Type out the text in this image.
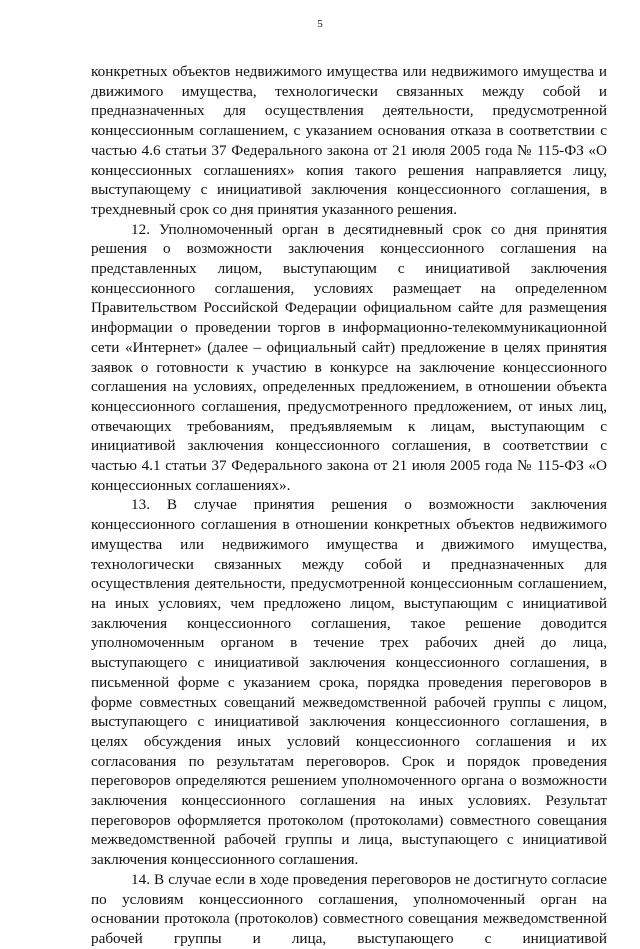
5

конкретных объектов недвижимого имущества или недвижимого имущества и движимого имущества, технологически связанных между собой и предназначенных для осуществления деятельности, предусмотренной концессионным соглашением, с указанием основания отказа в соответствии с частью 4.6 статьи 37 Федерального закона от 21 июля 2005 года № 115-ФЗ «О концессионных соглашениях» копия такого решения направляется лицу, выступающему с инициативой заключения концессионного соглашения, в трехдневный срок со дня принятия указанного решения.

12. Уполномоченный орган в десятидневный срок со дня принятия решения о возможности заключения концессионного соглашения на представленных лицом, выступающим с инициативой заключения концессионного соглашения, условиях размещает на определенном Правительством Российской Федерации официальном сайте для размещения информации о проведении торгов в информационно-телекоммуникационной сети «Интернет» (далее – официальный сайт) предложение в целях принятия заявок о готовности к участию в конкурсе на заключение концессионного соглашения на условиях, определенных предложением, в отношении объекта концессионного соглашения, предусмотренного предложением, от иных лиц, отвечающих требованиям, предъявляемым к лицам, выступающим с инициативой заключения концессионного соглашения, в соответствии с частью 4.1 статьи 37 Федерального закона от 21 июля 2005 года № 115-ФЗ «О концессионных соглашениях».

13. В случае принятия решения о возможности заключения концессионного соглашения в отношении конкретных объектов недвижимого имущества или недвижимого имущества и движимого имущества, технологически связанных между собой и предназначенных для осуществления деятельности, предусмотренной концессионным соглашением, на иных условиях, чем предложено лицом, выступающим с инициативой заключения концессионного соглашения, такое решение доводится уполномоченным органом в течение трех рабочих дней до лица, выступающего с инициативой заключения концессионного соглашения, в письменной форме с указанием срока, порядка проведения переговоров в форме совместных совещаний межведомственной рабочей группы с лицом, выступающего с инициативой заключения концессионного соглашения, в целях обсуждения иных условий концессионного соглашения и их согласования по результатам переговоров. Срок и порядок проведения переговоров определяются решением уполномоченного органа о возможности заключения концессионного соглашения на иных условиях. Результат переговоров оформляется протоколом (протоколами) совместного совещания межведомственной рабочей группы и лица, выступающего с инициативой заключения концессионного соглашения.

14. В случае если в ходе проведения переговоров не достигнуто согласие по условиям концессионного соглашения, уполномоченный орган на основании протокола (протоколов) совместного совещания межведомственной рабочей группы и лица, выступающего с инициативой
